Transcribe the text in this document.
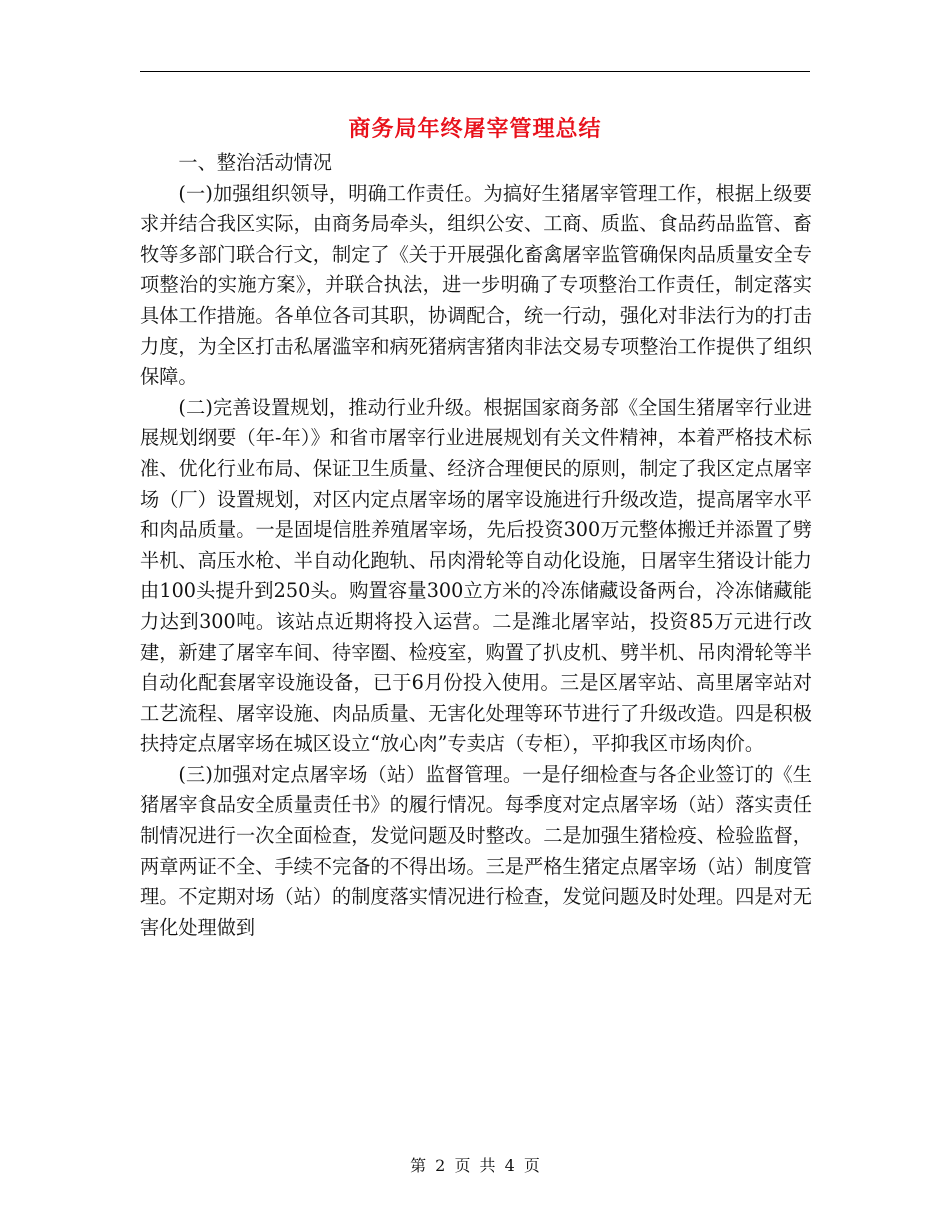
商务局年终屠宰管理总结

一、整治活动情况

(一)加强组织领导，明确工作责任。为搞好生猪屠宰管理工作，根据上级要求并结合我区实际，由商务局牵头，组织公安、工商、质监、食品药品监管、畜牧等多部门联合行文，制定了《关于开展强化畜禽屠宰监管确保肉品质量安全专项整治的实施方案》，并联合执法，进一步明确了专项整治工作责任，制定落实具体工作措施。各单位各司其职，协调配合，统一行动，强化对非法行为的打击力度，为全区打击私屠滥宰和病死猪病害猪肉非法交易专项整治工作提供了组织保障。

(二)完善设置规划，推动行业升级。根据国家商务部《全国生猪屠宰行业进展规划纲要（年-年）》和省市屠宰行业进展规划有关文件精神，本着严格技术标准、优化行业布局、保证卫生质量、经济合理便民的原则，制定了我区定点屠宰场（厂）设置规划，对区内定点屠宰场的屠宰设施进行升级改造，提高屠宰水平和肉品质量。一是固堤信胜养殖屠宰场，先后投资300万元整体搬迁并添置了劈半机、高压水枪、半自动化跑轨、吊肉滑轮等自动化设施，日屠宰生猪设计能力由100头提升到250头。购置容量300立方米的冷冻储藏设备两台，冷冻储藏能力达到300吨。该站点近期将投入运营。二是潍北屠宰站，投资85万元进行改建，新建了屠宰车间、待宰圈、检疫室，购置了扒皮机、劈半机、吊肉滑轮等半自动化配套屠宰设施设备，已于6月份投入使用。三是区屠宰站、高里屠宰站对工艺流程、屠宰设施、肉品质量、无害化处理等环节进行了升级改造。四是积极扶持定点屠宰场在城区设立“放心肉”专卖店（专柜），平抑我区市场肉价。

(三)加强对定点屠宰场（站）监督管理。一是仔细检查与各企业签订的《生猪屠宰食品安全质量责任书》的履行情况。每季度对定点屠宰场（站）落实责任制情况进行一次全面检查，发觉问题及时整改。二是加强生猪检疫、检验监督，两章两证不全、手续不完备的不得出场。三是严格生猪定点屠宰场（站）制度管理。不定期对场（站）的制度落实情况进行检查，发觉问题及时处理。四是对无害化处理做到

第 2 页 共 4 页
